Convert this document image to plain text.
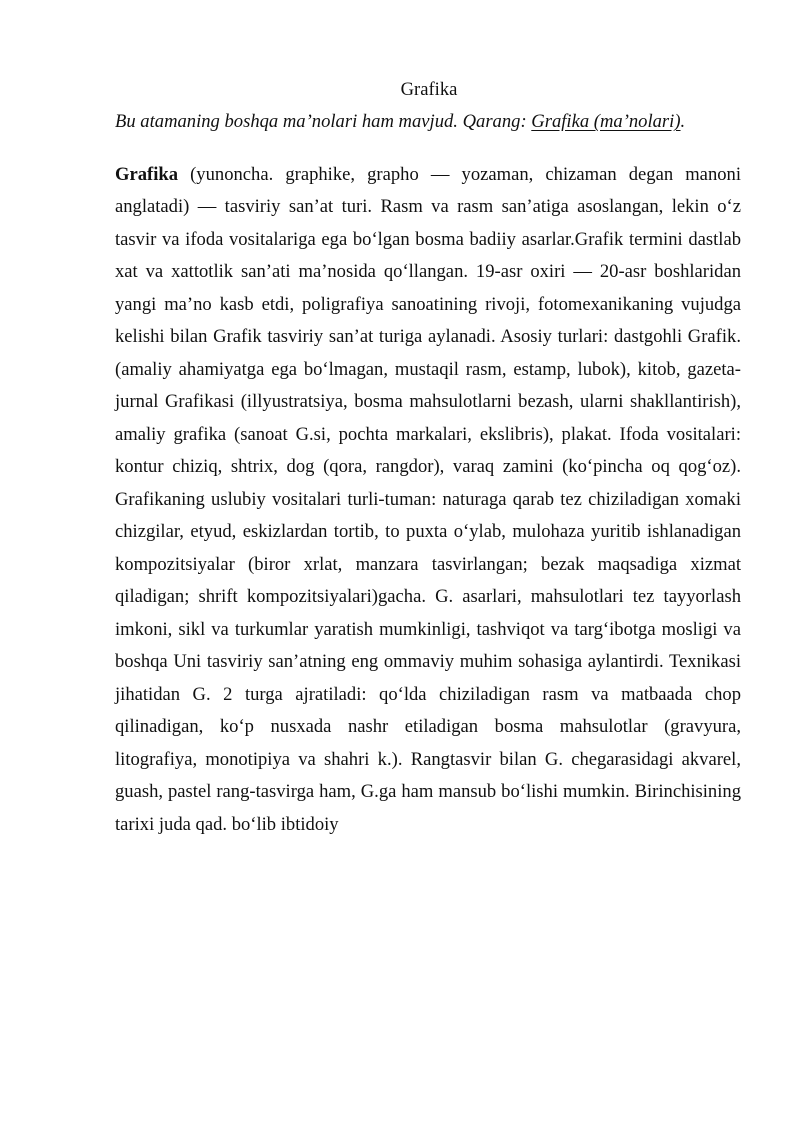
Grafika

Bu atamaning boshqa ma’nolari ham mavjud. Qarang: Grafika (ma’nolari).

Grafika (yunoncha. graphike, grapho — yozaman, chizaman degan manoni anglatadi) — tasviriy san’at turi. Rasm va rasm san’atiga asoslangan, lekin o‘z tasvir va ifoda vositalariga ega bo‘lgan bosma badiiy asarlar.Grafik termini dastlab xat va xattotlik san’ati ma’nosida qo‘llangan. 19-asr oxiri — 20-asr boshlaridan yangi ma’no kasb etdi, poligrafiya sanoatining rivoji, fotomexanikaning vujudga kelishi bilan Grafik tasviriy san’at turiga aylanadi. Asosiy turlari: dastgohli Grafik. (amaliy ahamiyatga ega bo‘lmagan, mustaqil rasm, estamp, lubok), kitob, gazeta-jurnal Grafikasi (illyustratsiya, bosma mahsulotlarni bezash, ularni shakllantirish), amaliy grafika (sanoat G.si, pochta markalari, ekslibris), plakat. Ifoda vositalari: kontur chiziq, shtrix, dog (qora, rangdor), varaq zamini (ko‘pincha oq qog‘oz). Grafikaning uslubiy vositalari turli-tuman: naturaga qarab tez chiziladigan xomaki chizgilar, etyud, eskizlardan tortib, to puxta o‘ylab, mulohaza yuritib ishlanadigan kompozitsiyalar (biror xrlat, manzara tasvirlangan; bezak maqsadiga xizmat qiladigan; shrift kompozitsiyalari)gacha. G. asarlari, mahsulotlari tez tayyorlash imkoni, sikl va turkumlar yaratish mumkinligi, tashviqot va targ‘ibotga mosligi va boshqa Uni tasviriy san’atning eng ommaviy muhim sohasiga aylantirdi. Texnikasi jihatidan G. 2 turga ajratiladi: qo‘lda chiziladigan rasm va matbaada chop qilinadigan, ko‘p nusxada nashr etiladigan bosma mahsulotlar (gravyura, litografiya, monotipiya va shahri k.). Rangtasvir bilan G. chegarasidagi akvarel, guash, pastel rang-tasvirga ham, G.ga ham mansub bo‘lishi mumkin. Birinchisining tarixi juda qad. bo‘lib ibtidoiy
